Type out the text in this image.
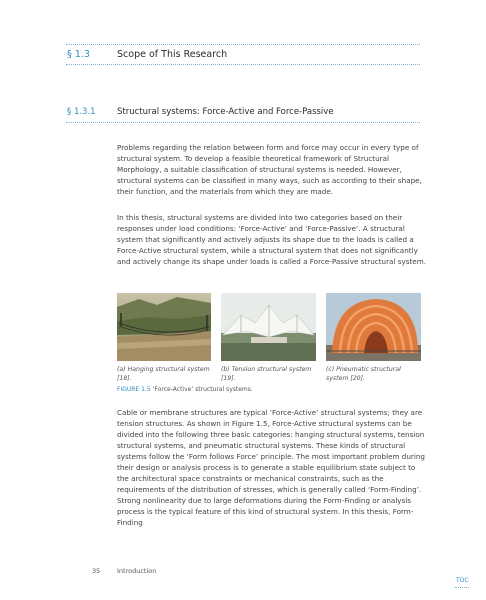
§ 1.3	Scope of This Research
§ 1.3.1	Structural systems: Force-Active and Force-Passive

Problems regarding the relation between form and force may occur in every type of structural system. To develop a feasible theoretical framework of Structural Morphology, a suitable classification of structural systems is needed. However, structural systems can be classified in many ways, such as according to their shape, their function, and the materials from which they are made.

In this thesis, structural systems are divided into two categories based on their responses under load conditions: ‘Force-Active’ and ‘Force-Passive’. A structural system that significantly and actively adjusts its shape due to the loads is called a Force-Active structural system, while a structural system that does not significantly and actively change its shape under loads is called a Force-Passive structural system.

(a) Hanging structural system [18].
(b) Tension structural system [19].
(c) Pneumatic structural system [20].
FIGURE 1.5 ‘Force-Active’ structural systems.

Cable or membrane structures are typical ‘Force-Active’ structural systems; they are tension structures. As shown in Figure 1.5, Force-Active structural systems can be divided into the following three basic categories: hanging structural systems, tension structural systems, and pneumatic structural systems. These kinds of structural systems follow the ‘Form follows Force’ principle. The most important problem during their design or analysis process is to generate a stable equilibrium state subject to the architectural space constraints or mechanical constraints, such as the requirements of the distribution of stresses, which is generally called ‘Form-Finding’. Strong nonlinearity due to large deformations during the Form-Finding or analysis process is the typical feature of this kind of structural system. In this thesis, Form-Finding

35	Introduction
TOC
